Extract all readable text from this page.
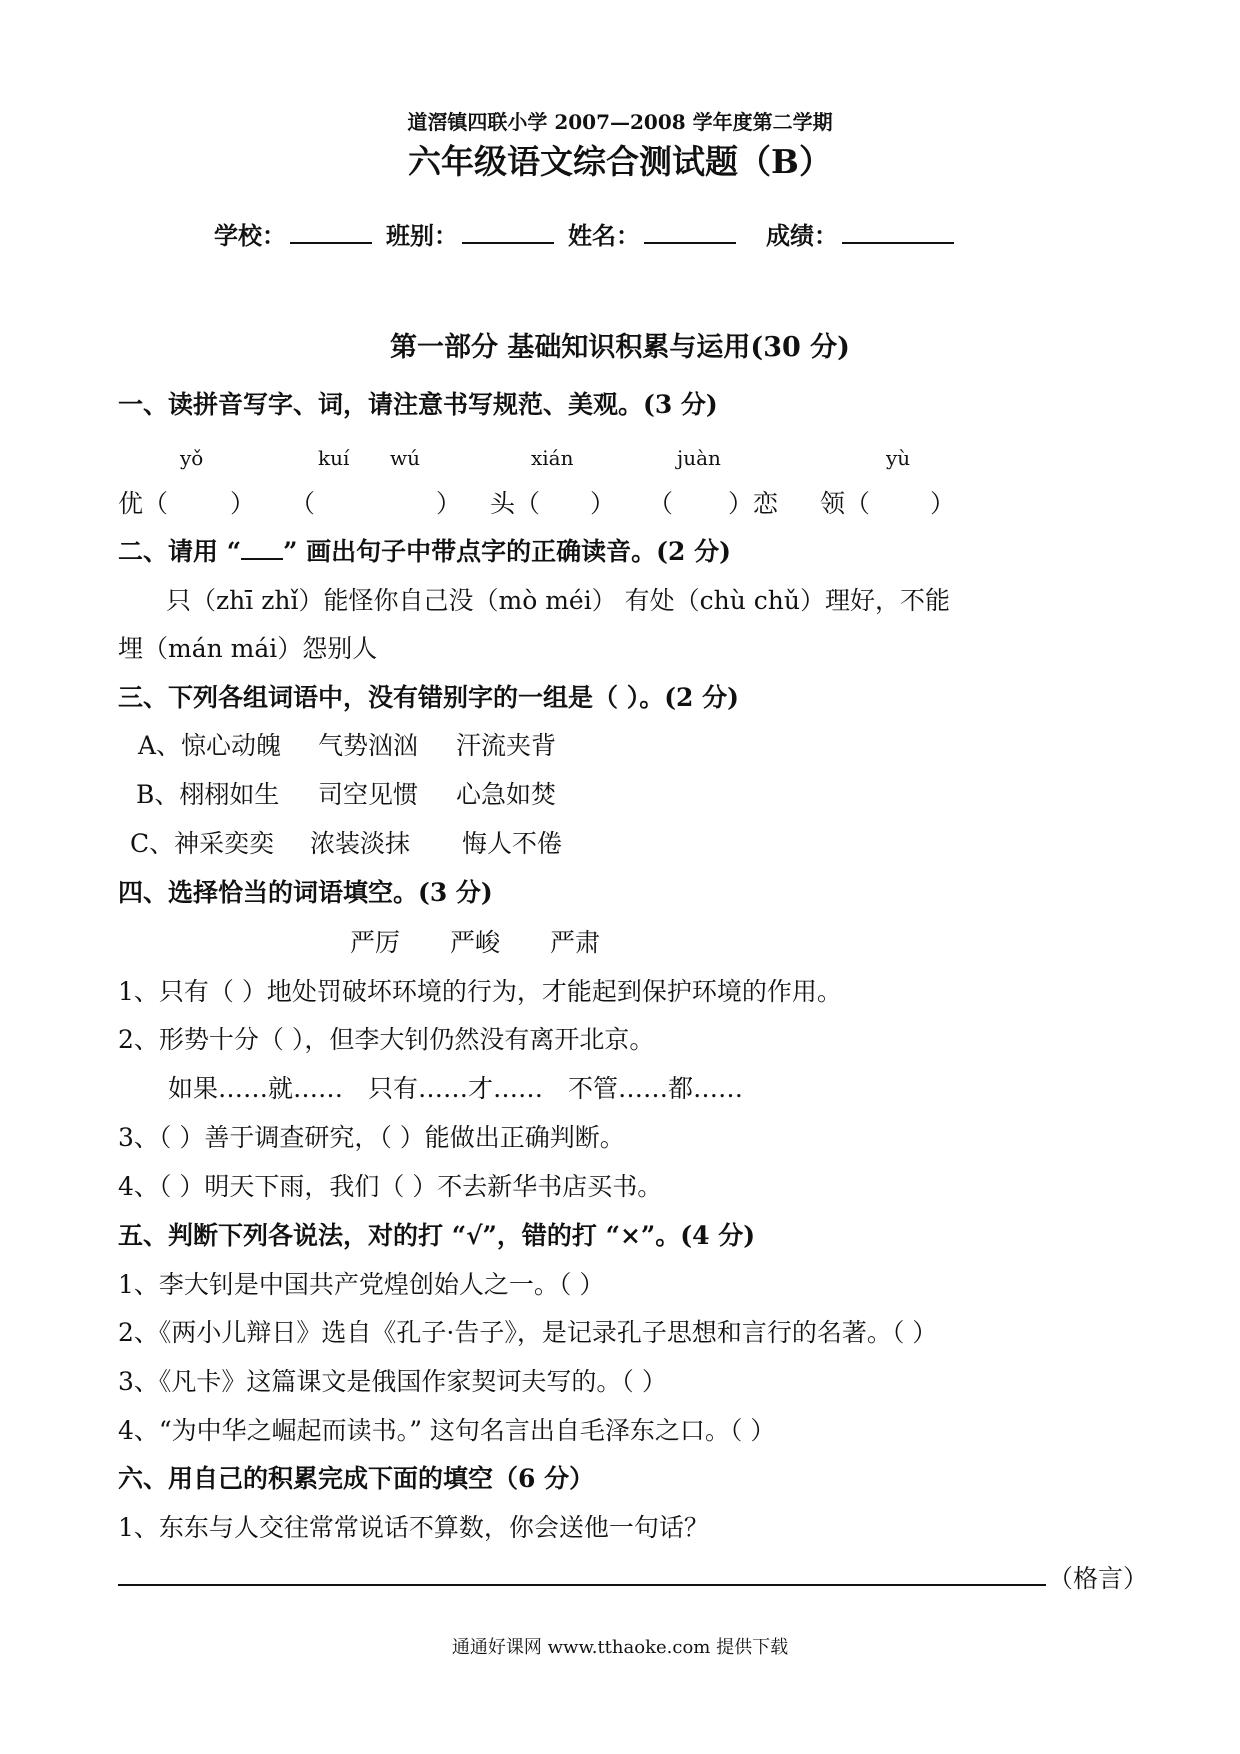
道滘镇四联小学 2007—2008 学年度第二学期
六年级语文综合测试题（B）
学校：	班别：	姓名：	成绩：
第一部分 基础知识积累与运用(30 分)
一、读拼音写字、词，请注意书写规范、美观。(3 分)
yǒ	kuí wú	xián	juàn	yù
优（ ） （	） 头（ ） （ ）恋 领（ ）
二、请用 “ ” 画出句子中带点字的正确读音。(2 分)
只（zhī zhǐ）能怪你自己没（mò méi） 有处（chù chǔ）理好，不能
埋（mán mái）怨别人
三、下列各组词语中，没有错别字的一组是（ ）。(2 分)
A、惊心动魄 气势汹汹 汗流夹背
B、栩栩如生 司空见惯 心急如焚
C、神采奕奕 浓装淡抹 悔人不倦
四、选择恰当的词语填空。(3 分)
严厉 严峻 严肃
1、只有（ ）地处罚破坏环境的行为，才能起到保护环境的作用。
2、形势十分（ ），但李大钊仍然没有离开北京。
如果……就…… 只有……才…… 不管……都……
3、（ ）善于调查研究，（ ）能做出正确判断。
4、（ ）明天下雨，我们（ ）不去新华书店买书。
五、判断下列各说法，对的打 “√”，错的打 “×”。(4 分)
1、李大钊是中国共产党煌创始人之一。（ ）
2、《两小儿辩日》选自《孔子·告子》，是记录孔子思想和言行的名著。（ ）
3、《凡卡》这篇课文是俄国作家契诃夫写的。（ ）
4、“为中华之崛起而读书。” 这句名言出自毛泽东之口。（ ）
六、用自己的积累完成下面的填空（6 分）
1、东东与人交往常常说话不算数，你会送他一句话？
（格言）
通通好课网 www.tthaoke.com 提供下载
